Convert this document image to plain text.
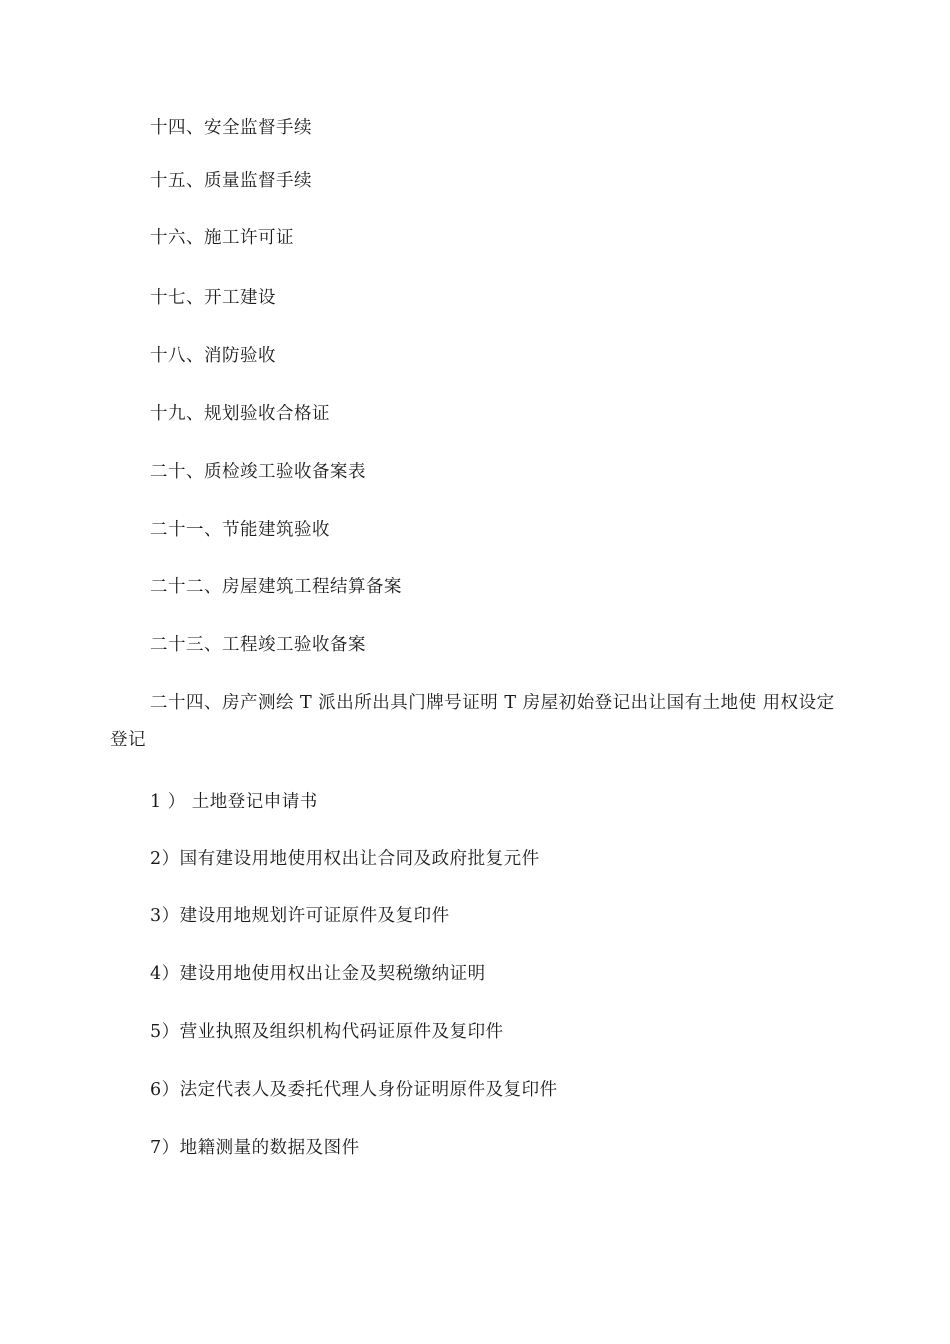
十四、安全监督手续
十五、质量监督手续
十六、施工许可证
十七、开工建设
十八、消防验收
十九、规划验收合格证
二十、质检竣工验收备案表
二十一、节能建筑验收
二十二、房屋建筑工程结算备案
二十三、工程竣工验收备案
二十四、房产测绘 T 派出所出具门牌号证明 T 房屋初始登记出让国有土地使 用权设定登记
1 ） 土地登记申请书
2）国有建设用地使用权出让合同及政府批复元件
3）建设用地规划许可证原件及复印件
4）建设用地使用权出让金及契税缴纳证明
5）营业执照及组织机构代码证原件及复印件
6）法定代表人及委托代理人身份证明原件及复印件
7）地籍测量的数据及图件
